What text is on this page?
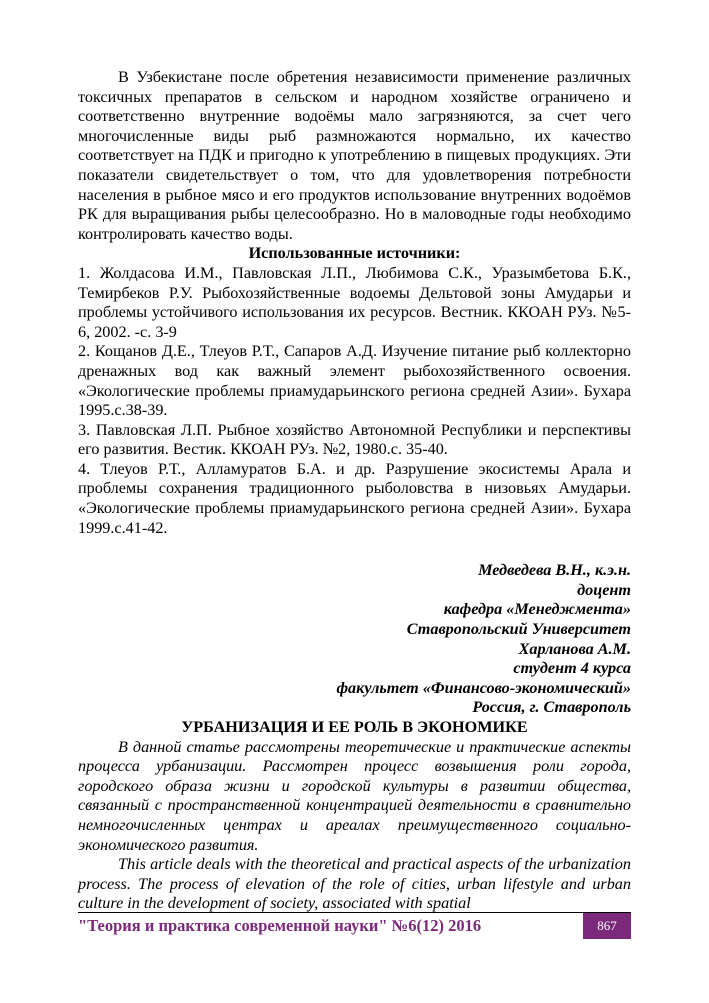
В Узбекистане после обретения независимости применение различных токсичных препаратов в сельском и народном хозяйстве ограничено и соответственно внутренние водоёмы мало загрязняются, за счет чего многочисленные виды рыб размножаются нормально, их качество соответствует на ПДК и пригодно к употреблению в пищевых продукциях. Эти показатели свидетельствует о том, что для удовлетворения потребности населения в рыбное мясо и его продуктов использование внутренних водоёмов РК для выращивания рыбы целесообразно. Но в маловодные годы необходимо контролировать качество воды.

Использованные источники:

1. Жолдасова И.М., Павловская Л.П., Любимова С.К., Уразымбетова Б.К., Темирбеков Р.У. Рыбохозяйственные водоемы Дельтовой зоны Амударьи и проблемы устойчивого использования их ресурсов. Вестник. ККОАН РУз. №5-6, 2002. -с. 3-9

2. Кощанов Д.Е., Тлеуов Р.Т., Сапаров А.Д. Изучение питание рыб коллекторно дренажных вод как важный элемент рыбохозяйственного освоения. «Экологические проблемы приамударьинского региона средней Азии». Бухара 1995.с.38-39.

3. Павловская Л.П. Рыбное хозяйство Автономной Республики и перспективы его развития. Вестик. ККОАН РУз. №2, 1980.с. 35-40.

4. Тлеуов Р.Т., Алламуратов Б.А. и др. Разрушение экосистемы Арала и проблемы сохранения традиционного рыболовства в низовьях Амударьи. «Экологические проблемы приамударьинского региона средней Азии». Бухара 1999.с.41-42.

Медведева В.Н., к.э.н.
доцент
кафедра «Менеджмента»
Ставропольский Университет
Харланова А.М.
студент 4 курса
факультет «Финансово-экономический»
Россия, г. Ставрополь
УРБАНИЗАЦИЯ И ЕЕ РОЛЬ В ЭКОНОМИКЕ

В данной статье рассмотрены теоретические и практические аспекты процесса урбанизации. Рассмотрен процесс возвышения роли города, городского образа жизни и городской культуры в развитии общества, связанный с пространственной концентрацией деятельности в сравнительно немногочисленных центрах и ареалах преимущественного социально-экономического развития.

This article deals with the theoretical and practical aspects of the urbanization process. The process of elevation of the role of cities, urban lifestyle and urban culture in the development of society, associated with spatial

"Теория и практика современной науки" №6(12) 2016	867
